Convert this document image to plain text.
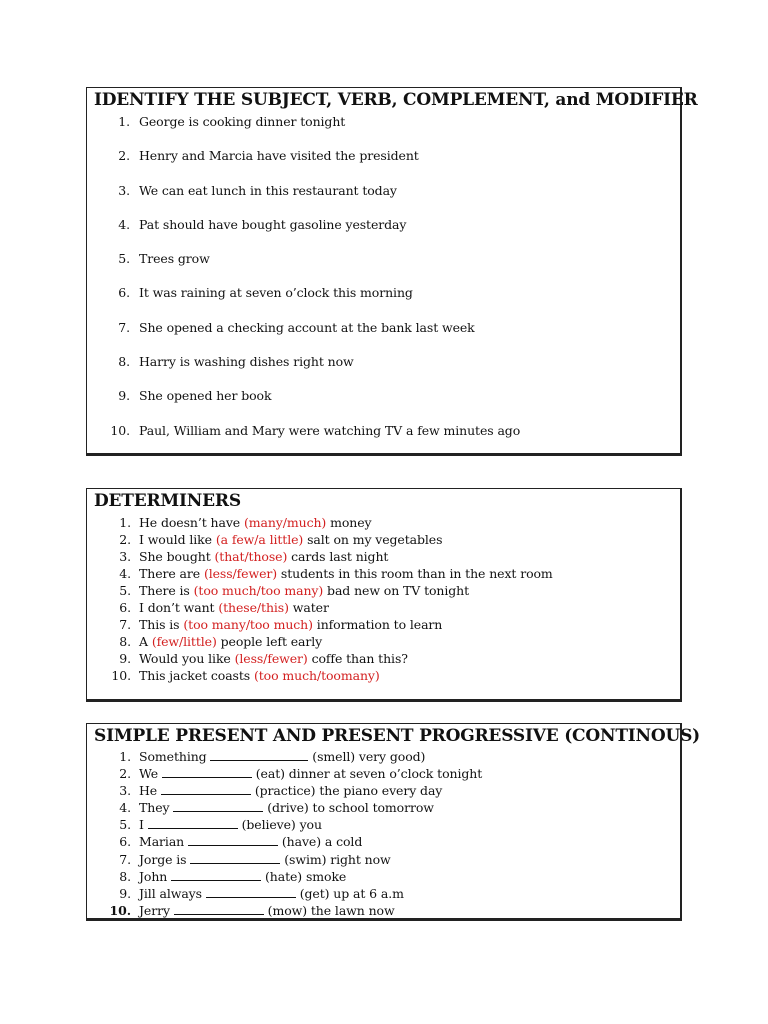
IDENTIFY THE SUBJECT, VERB, COMPLEMENT, and MODIFIER
1. George is cooking dinner tonight
2. Henry and Marcia have visited the president
3. We can eat lunch in this restaurant today
4. Pat should have bought gasoline yesterday
5. Trees grow
6. It was raining at seven o’clock this morning
7. She opened a checking account at the bank last week
8. Harry is washing dishes right now
9. She opened her book
10. Paul, William and Mary were watching TV a few minutes ago
DETERMINERS
1. He doesn’t have (many/much) money
2. I would like (a few/a little) salt on my vegetables
3. She bought (that/those) cards last night
4. There are (less/fewer) students in this room than in the next room
5. There is (too much/too many) bad new on TV tonight
6. I don’t want (these/this) water
7. This is (too many/too much) information to learn
8. A (few/little) people left early
9. Would you like (less/fewer) coffe than this?
10. This jacket coasts (too much/toomany)
SIMPLE PRESENT AND PRESENT PROGRESSIVE (CONTINOUS)
1. Something	(smell) very good)
2. We	(eat) dinner at seven o’clock tonight
3. He	(practice) the piano every day
4. They	(drive) to school tomorrow
5. I	(believe) you
6. Marian	(have) a cold
7. Jorge is	(swim) right now
8. John	(hate) smoke
9. Jill always	(get) up at 6 a.m
10. Jerry	(mow) the lawn now
